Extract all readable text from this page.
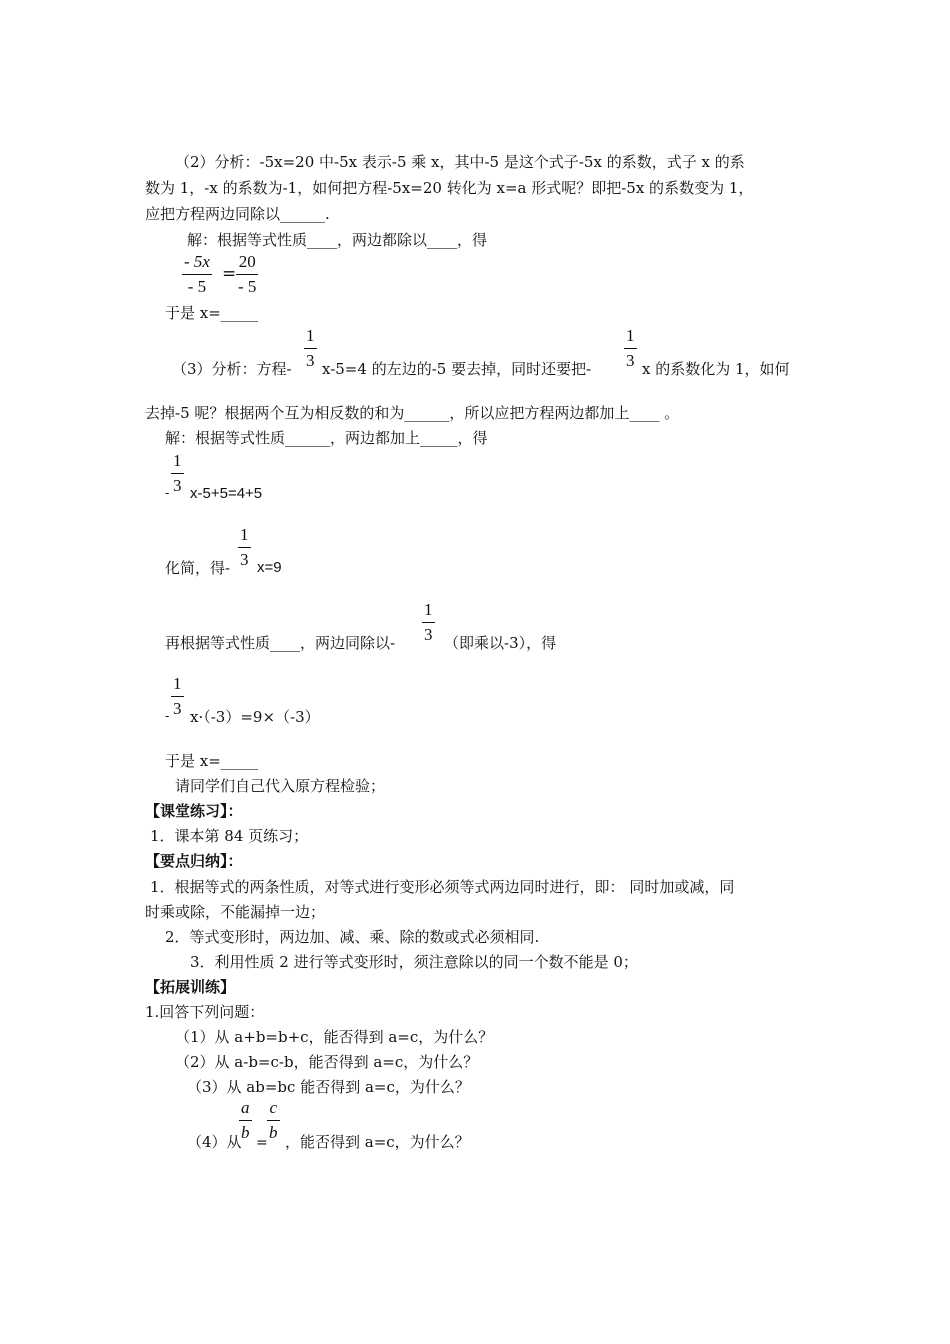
（2）分析：-5x=20 中-5x 表示-5 乘 x，其中-5 是这个式子-5x 的系数，式子 x 的系
数为 1，-x 的系数为-1，如何把方程-5x=20 转化为 x=a 形式呢？即把-5x 的系数变为 1，
应把方程两边同除以______.
解：根据等式性质____，两边都除以____，得
- 5x
- 5
=
20
- 5
于是 x=_____
1
3
1
3
（3）分析：方程- x-5=4 的左边的-5 要去掉，同时还要把-	x 的系数化为 1，如何
去掉-5 呢？根据两个互为相反数的和为______，所以应把方程两边都加上____ 。
解：根据等式性质______，两边都加上_____，得
-
1
3 x-5+5=4+5
化简，得-
1
3 x=9
再根据等式性质____，两边同除以-
1
3 （即乘以-3），得
-
1
3 x·（-3）=9×（-3）
于是 x=_____
请同学们自己代入原方程检验；
【课堂练习】：
1．课本第 84 页练习；
【要点归纳】：
1．根据等式的两条性质，对等式进行变形必须等式两边同时进行，即： 同时加或减，同
时乘或除，不能漏掉一边；
2．等式变形时，两边加、减、乘、除的数或式必须相同.
3．利用性质 2 进行等式变形时，须注意除以的同一个数不能是 0；
【拓展训练】
1.回答下列问题：
（1）从 a+b=b+c，能否得到 a=c，为什么？
（2）从 a-b=c-b，能否得到 a=c，为什么？
（3）从 ab=bc 能否得到 a=c，为什么？
（4）从
a
b
=
c
b ，能否得到 a=c，为什么？
